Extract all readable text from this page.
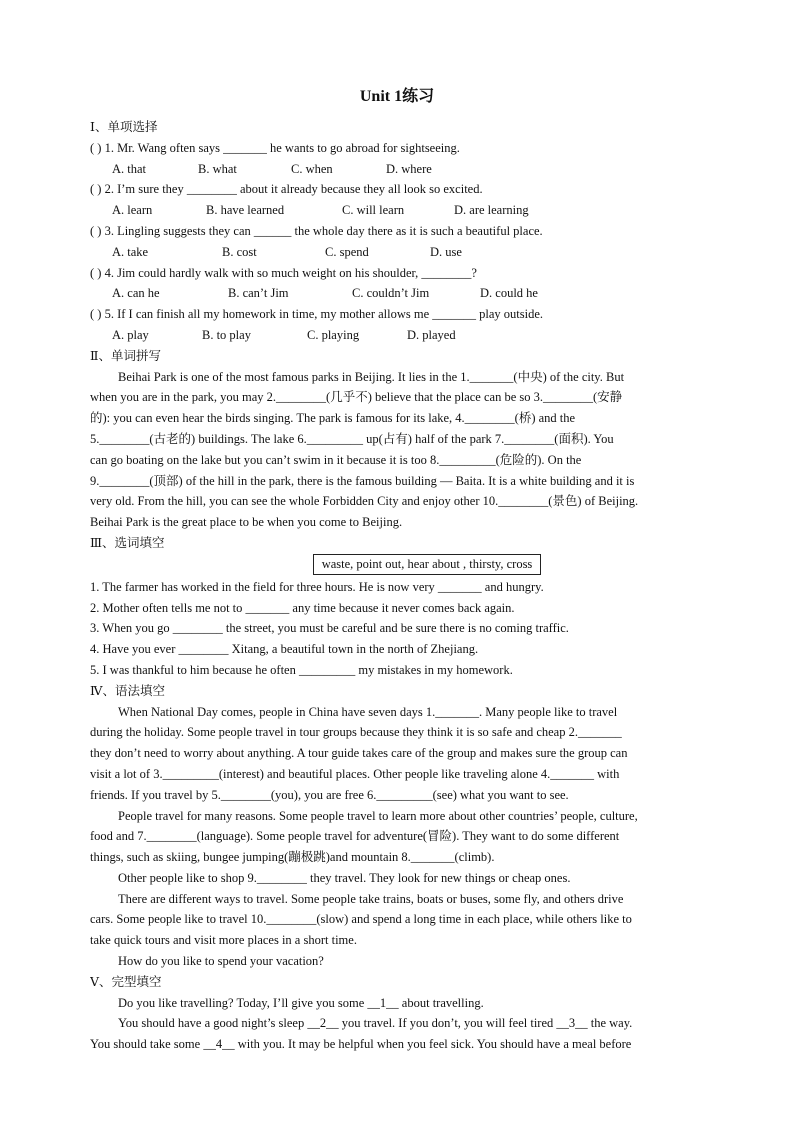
Unit 1练习
Ⅰ、单项选择
( ) 1. Mr. Wang often says _______ he wants to go abroad for sightseeing.
A. that	B. what	C. when	D. where
( ) 2. I’m sure they ________ about it already because they all look so excited.
A. learn	B. have learned	C. will learn	D. are learning
( ) 3. Lingling suggests they can ______ the whole day there as it is such a beautiful place.
A. take	B. cost	C. spend	D. use
( ) 4. Jim could hardly walk with so much weight on his shoulder, ________?
A. can he	B. can’t Jim	C. couldn’t Jim	D. could he
( ) 5. If I can finish all my homework in time, my mother allows me _______ play outside.
A. play	B. to play	C. playing	D. played
Ⅱ、单词拼写
Beihai Park is one of the most famous parks in Beijing. It lies in the 1._______(中央) of the city. But
when you are in the park, you may 2.________(几乎不) believe that the place can be so 3.________(安静
的): you can even hear the birds singing. The park is famous for its lake, 4.________(桥) and the
5.________(古老的) buildings. The lake 6._________ up(占有) half of the park 7.________(面积). You
can go boating on the lake but you can’t swim in it because it is too 8._________(危险的). On the
9.________(顶部) of the hill in the park, there is the famous building — Baita. It is a white building and it is
very old. From the hill, you can see the whole Forbidden City and enjoy other 10.________(景色) of Beijing.
Beihai Park is the great place to be when you come to Beijing.
Ⅲ、选词填空
waste, point out, hear about , thirsty, cross
1. The farmer has worked in the field for three hours. He is now very _______ and hungry.
2. Mother often tells me not to _______ any time because it never comes back again.
3. When you go ________ the street, you must be careful and be sure there is no coming traffic.
4. Have you ever ________ Xitang, a beautiful town in the north of Zhejiang.
5. I was thankful to him because he often _________ my mistakes in my homework.
Ⅳ、语法填空
When National Day comes, people in China have seven days 1._______. Many people like to travel
during the holiday. Some people travel in tour groups because they think it is so safe and cheap 2._______
they don’t need to worry about anything. A tour guide takes care of the group and makes sure the group can
visit a lot of 3._________(interest) and beautiful places. Other people like traveling alone 4._______ with
friends. If you travel by 5.________(you), you are free 6._________(see) what you want to see.
People travel for many reasons. Some people travel to learn more about other countries’ people, culture,
food and 7.________(language). Some people travel for adventure(冒险). They want to do some different
things, such as skiing, bungee jumping(蹦极跳)and mountain 8._______(climb).
Other people like to shop 9.________ they travel. They look for new things or cheap ones.
There are different ways to travel. Some people take trains, boats or buses, some fly, and others drive
cars. Some people like to travel 10.________(slow) and spend a long time in each place, while others like to
take quick tours and visit more places in a short time.
How do you like to spend your vacation?
Ⅴ、完型填空
Do you like travelling? Today, I’ll give you some __1__ about travelling.
You should have a good night’s sleep __2__ you travel. If you don’t, you will feel tired __3__ the way.
You should take some __4__ with you. It may be helpful when you feel sick. You should have a meal before
